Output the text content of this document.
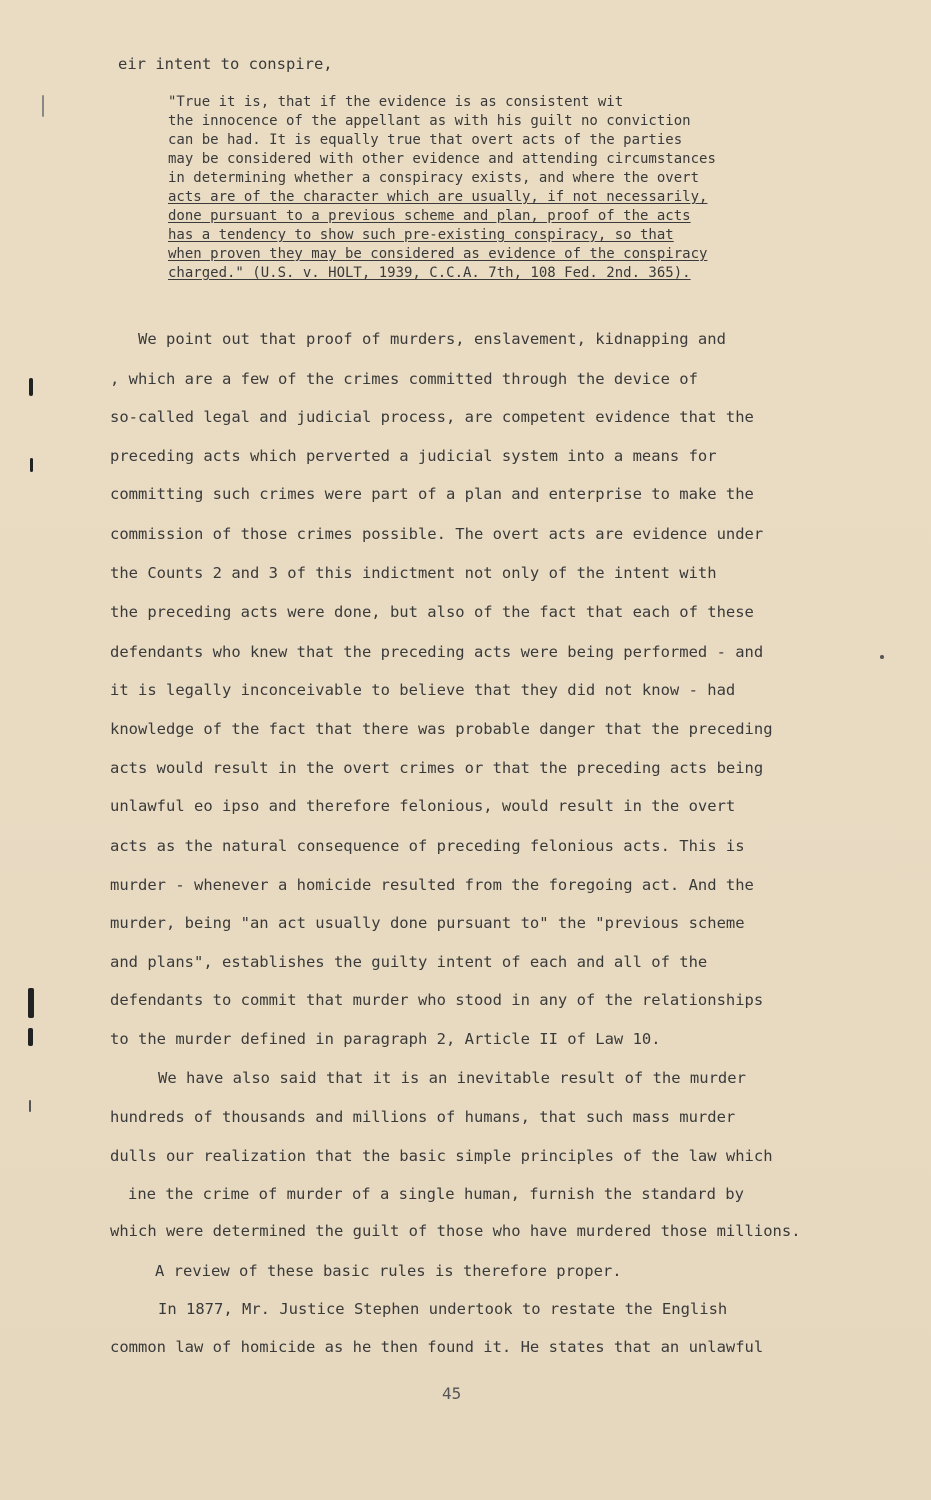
eir intent to conspire,
"True it is, that if the evidence is as consistent wit
the innocence of the appellant as with his guilt no conviction
can be had. It is equally true that overt acts of the parties
may be considered with other evidence and attending circumstances
in determining whether a conspiracy exists, and where the overt
acts are of the character which are usually, if not necessarily,
done pursuant to a previous scheme and plan, proof of the acts
has a tendency to show such pre-existing conspiracy, so that
when proven they may be considered as evidence of the conspiracy
charged." (U.S. v. HOLT, 1939, C.C.A. 7th, 108 Fed. 2nd. 365).
We point out that proof of murders, enslavement, kidnapping and
, which are a few of the crimes committed through the device of
so-called legal and judicial process, are competent evidence that the
preceding acts which perverted a judicial system into a means for
committing such crimes were part of a plan and enterprise to make the
commission of those crimes possible. The overt acts are evidence under
the Counts 2 and 3 of this indictment not only of the intent with
the preceding acts were done, but also of the fact that each of these
defendants who knew that the preceding acts were being performed - and
it is legally inconceivable to believe that they did not know - had
knowledge of the fact that there was probable danger that the preceding
acts would result in the overt crimes or that the preceding acts being
unlawful eo ipso and therefore felonious, would result in the overt
acts as the natural consequence of preceding felonious acts. This is
murder - whenever a homicide resulted from the foregoing act. And the
murder, being "an act usually done pursuant to" the "previous scheme
and plans", establishes the guilty intent of each and all of the
defendants to commit that murder who stood in any of the relationships
to the murder defined in paragraph 2, Article II of Law 10.
We have also said that it is an inevitable result of the murder
hundreds of thousands and millions of humans, that such mass murder
dulls our realization that the basic simple principles of the law which
ine the crime of murder of a single human, furnish the standard by
which were determined the guilt of those who have murdered those millions.
A review of these basic rules is therefore proper.
In 1877, Mr. Justice Stephen undertook to restate the English
common law of homicide as he then found it. He states that an unlawful
45
